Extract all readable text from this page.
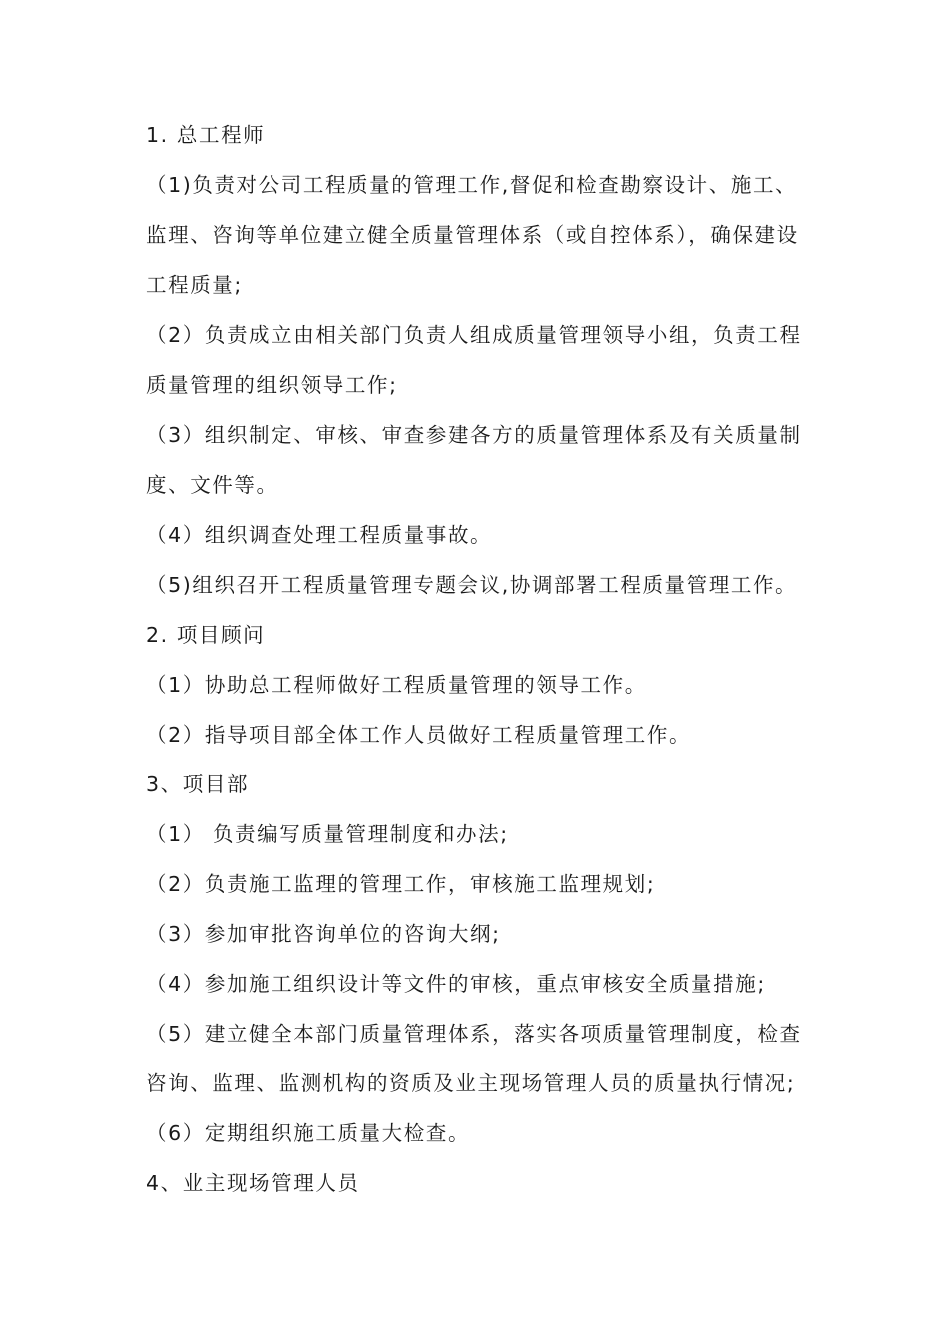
1. 总工程师
（1)负责对公司工程质量的管理工作,督促和检查勘察设计、施工、
监理、咨询等单位建立健全质量管理体系（或自控体系），确保建设
工程质量;
（2）负责成立由相关部门负责人组成质量管理领导小组，负责工程
质量管理的组织领导工作;
（3）组织制定、审核、审查参建各方的质量管理体系及有关质量制
度、文件等。
（4）组织调查处理工程质量事故。
（5)组织召开工程质量管理专题会议,协调部署工程质量管理工作。
2. 项目顾问
（1）协助总工程师做好工程质量管理的领导工作。
（2）指导项目部全体工作人员做好工程质量管理工作。
3、项目部
（1） 负责编写质量管理制度和办法;
（2）负责施工监理的管理工作，审核施工监理规划;
（3）参加审批咨询单位的咨询大纲;
（4）参加施工组织设计等文件的审核，重点审核安全质量措施;
（5）建立健全本部门质量管理体系，落实各项质量管理制度，检查
咨询、监理、监测机构的资质及业主现场管理人员的质量执行情况;
（6）定期组织施工质量大检查。
4、业主现场管理人员
